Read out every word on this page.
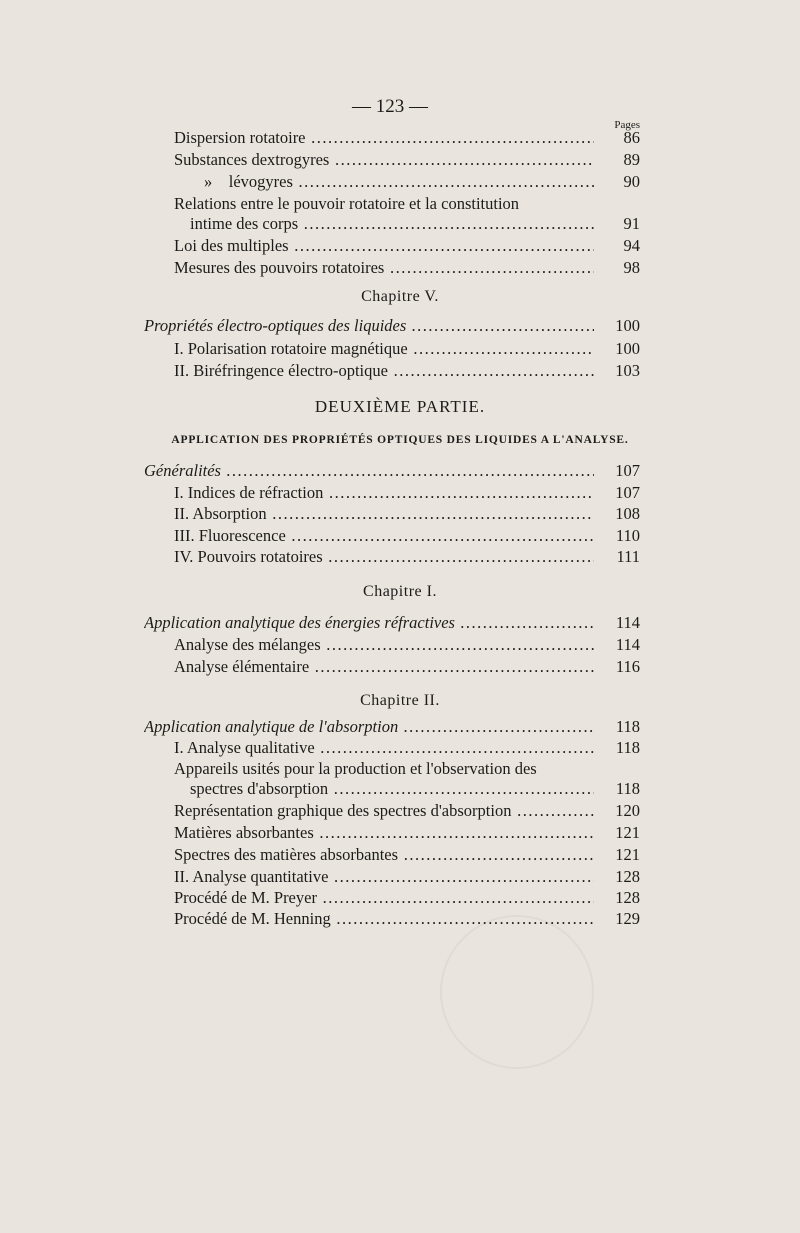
— 123 —
Pages
Dispersion rotatoire .....	86
Substances dextrogyres .....	89
»    lévogyres .....	90
Relations entre le pouvoir rotatoire et la constitution
intime des corps .....	91
Loi des multiples .....	94
Mesures des pouvoirs rotatoires .....	98
Chapitre V.
Propriétés électro-optiques des liquides .....	100
I. Polarisation rotatoire magnétique .....	100
II. Biréfringence électro-optique .....	103
DEUXIÈME PARTIE.
APPLICATION DES PROPRIÉTÉS OPTIQUES DES LIQUIDES A L'ANALYSE.
Généralités .....	107
I. Indices de réfraction .....	107
II. Absorption .....	108
III. Fluorescence .....	110
IV. Pouvoirs rotatoires .....	111
Chapitre I.
Application analytique des énergies réfractives .....	114
Analyse des mélanges .....	114
Analyse élémentaire .....	116
Chapitre II.
Application analytique de l'absorption .....	118
I. Analyse qualitative .....	118
Appareils usités pour la production et l'observation des
spectres d'absorption .....	118
Représentation graphique des spectres d'absorption .....	120
Matières absorbantes .....	121
Spectres des matières absorbantes .....	121
II. Analyse quantitative .....	128
Procédé de M. Preyer .....	128
Procédé de M. Henning .....	129
